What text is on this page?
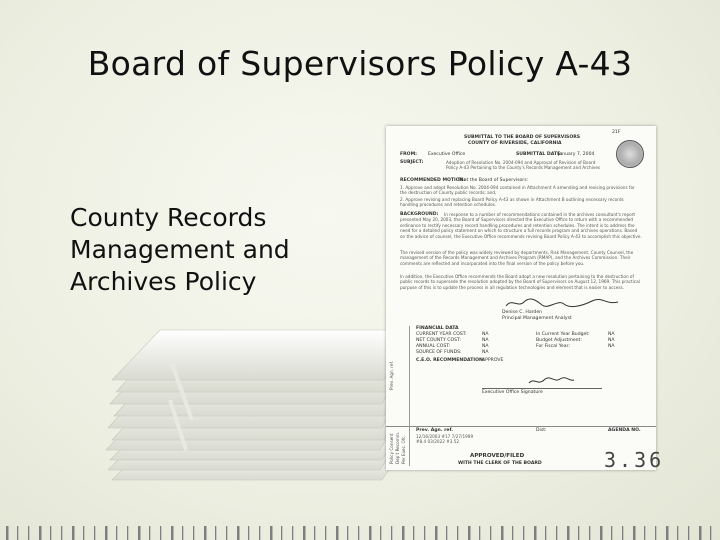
Board of Supervisors Policy A-43
County Records Management and Archives Policy
21F
SUBMITTAL TO THE BOARD OF SUPERVISORS
COUNTY OF RIVERSIDE, CALIFORNIA
FROM: Executive Office	SUBMITTAL DATE:
January 7, 2004
SUBJECT:	Adoption of Resolution No. 2004-094 and Approval of Revision of Board Policy A-43 Pertaining to the County's Records Management and Archives
RECOMMENDED MOTION:
That the Board of Supervisors:
1. Approve and adopt Resolution No. 2004-094 contained in Attachment A amending and revising provisions for the destruction of County public records; and,
2. Approve revising and replacing Board Policy A-43 as shown in Attachment B outlining necessary records handling procedures and retention schedules.
BACKGROUND:	In response to a number of recommendations contained in the archives consultant's report presented May 20, 2003, the Board of Supervisors directed the Executive Office to return with a recommended ordinance to rectify necessary record handling procedures and retention schedules. The intent is to address the need for a detailed policy statement on which to structure a full records program and archives operations. Based on the advice of counsel, the Executive Office recommends revising Board Policy A-43 to accomplish this objective.
The revised version of the policy was widely reviewed by departments, Risk Management, County Counsel, the management of the Records Management and Archives Program (RMAP), and the Archives Commission. Their comments are reflected and incorporated into the final version of the policy before you.
In addition, the Executive Office recommends the Board adopt a new resolution pertaining to the destruction of public records to supersede the resolution adopted by the Board of Supervisors on August 12, 1969. This practical purpose of this is to update the process in all regulation technologies and element that is easier to access.
Denise C. Harden
Principal Management Analyst
FINANCIAL DATA
CURRENT YEAR COST:	NA	In Current Year Budget:	NA
NET COUNTY COST:	NA	Budget Adjustment:	NA
ANNUAL COST:	NA	For Fiscal Year:	NA
SOURCE OF FUNDS:	NA
C.E.O. RECOMMENDATION:
APPROVE
Executive Office Signature
Prev. Agn. ref.	Dist:	AGENDA NO.
12/16/2003 #17 7/27/1999 #8.4 03/2022 #3.52
APPROVED/FILED
WITH THE CLERK OF THE BOARD
Policy Consent Dep't Recomm. Per Exec. Ofc.
Prev. Agn. ref.
3.36
